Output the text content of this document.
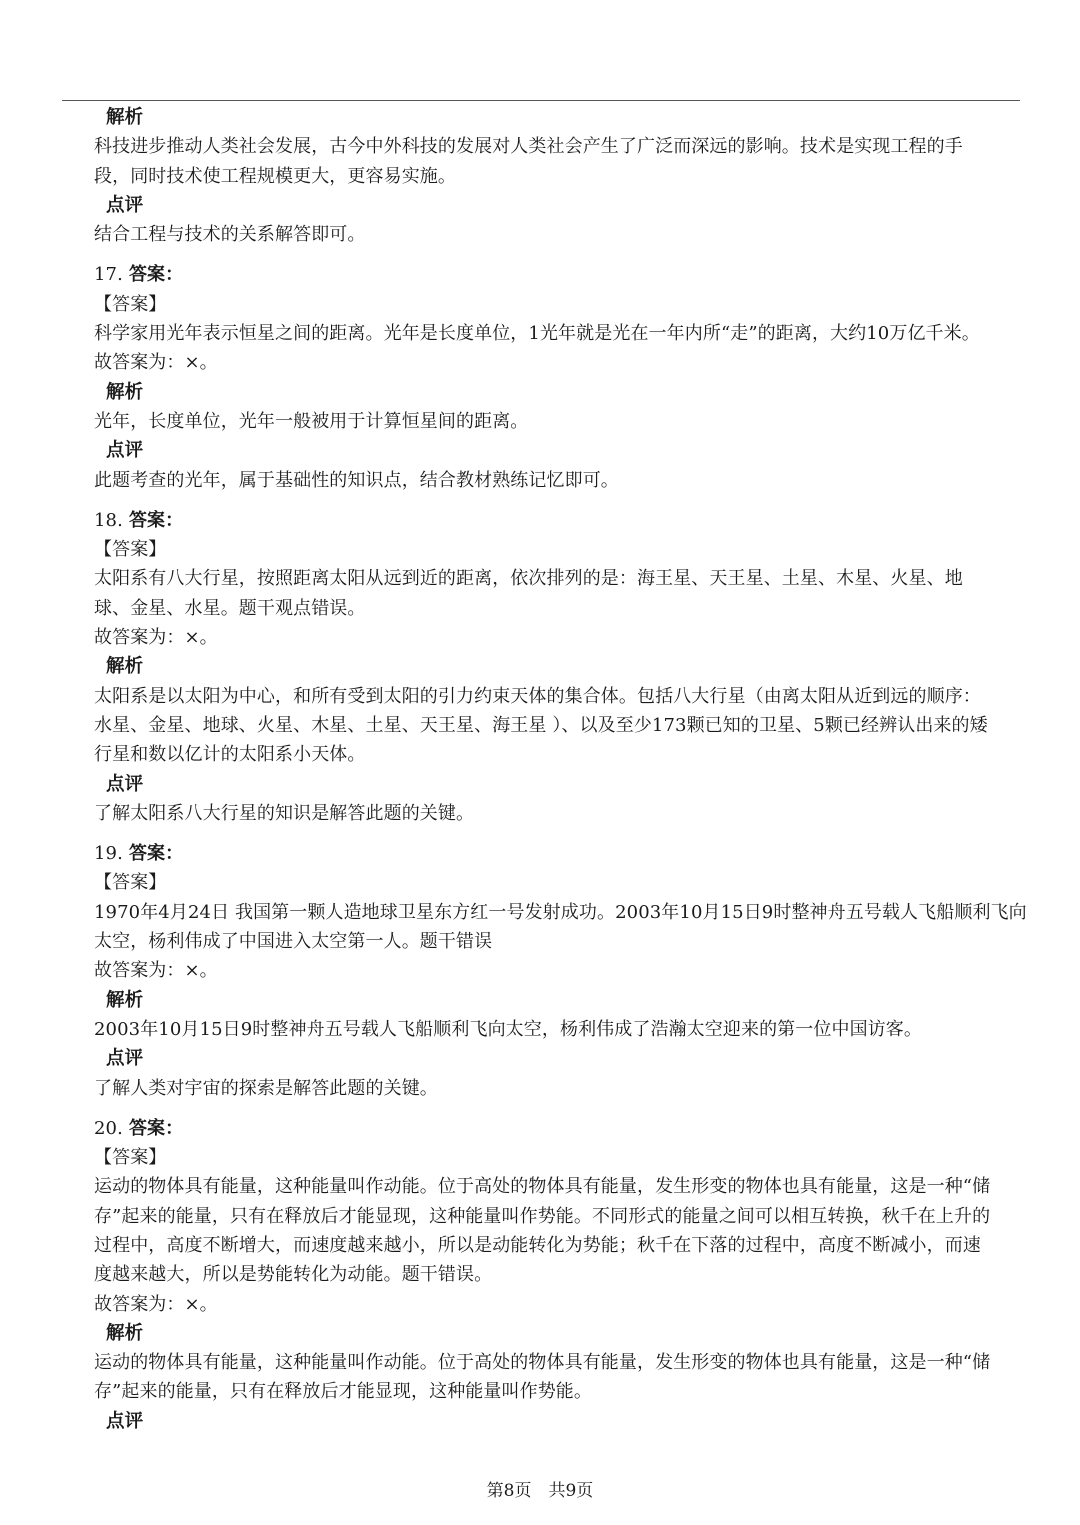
解析
科技进步推动人类社会发展，古今中外科技的发展对人类社会产生了广泛而深远的影响。技术是实现工程的手
段，同时技术使工程规模更大，更容易实施。
点评
结合工程与技术的关系解答即可。
17. 答案：
【答案】
科学家用光年表示恒星之间的距离。光年是长度单位，1光年就是光在一年内所“走”的距离，大约10万亿千米。
故答案为：×。
解析
光年，长度单位，光年一般被用于计算恒星间的距离。
点评
此题考查的光年，属于基础性的知识点，结合教材熟练记忆即可。
18. 答案：
【答案】
太阳系有八大行星，按照距离太阳从远到近的距离，依次排列的是：海王星、天王星、土星、木星、火星、地
球、金星、水星。题干观点错误。
故答案为：×。
解析
太阳系是以太阳为中心，和所有受到太阳的引力约束天体的集合体。包括八大行星（由离太阳从近到远的顺序：
水星、金星、地球、火星、木星、土星、天王星、海王星 ）、以及至少173颗已知的卫星、5颗已经辨认出来的矮
行星和数以亿计的太阳系小天体。
点评
了解太阳系八大行星的知识是解答此题的关键。
19. 答案：
【答案】
1970年4月24日 我国第一颗人造地球卫星东方红一号发射成功。2003年10月15日9时整神舟五号载人飞船顺利飞向
太空，杨利伟成了中国进入太空第一人。题干错误
故答案为：×。
解析
2003年10月15日9时整神舟五号载人飞船顺利飞向太空，杨利伟成了浩瀚太空迎来的第一位中国访客。
点评
了解人类对宇宙的探索是解答此题的关键。
20. 答案：
【答案】
运动的物体具有能量，这种能量叫作动能。位于高处的物体具有能量，发生形变的物体也具有能量，这是一种“储
存”起来的能量，只有在释放后才能显现，这种能量叫作势能。不同形式的能量之间可以相互转换，秋千在上升的
过程中，高度不断增大，而速度越来越小，所以是动能转化为势能；秋千在下落的过程中，高度不断减小，而速
度越来越大，所以是势能转化为动能。题干错误。
故答案为：×。
解析
运动的物体具有能量，这种能量叫作动能。位于高处的物体具有能量，发生形变的物体也具有能量，这是一种“储
存”起来的能量，只有在释放后才能显现，这种能量叫作势能。
点评
第8页　共9页
